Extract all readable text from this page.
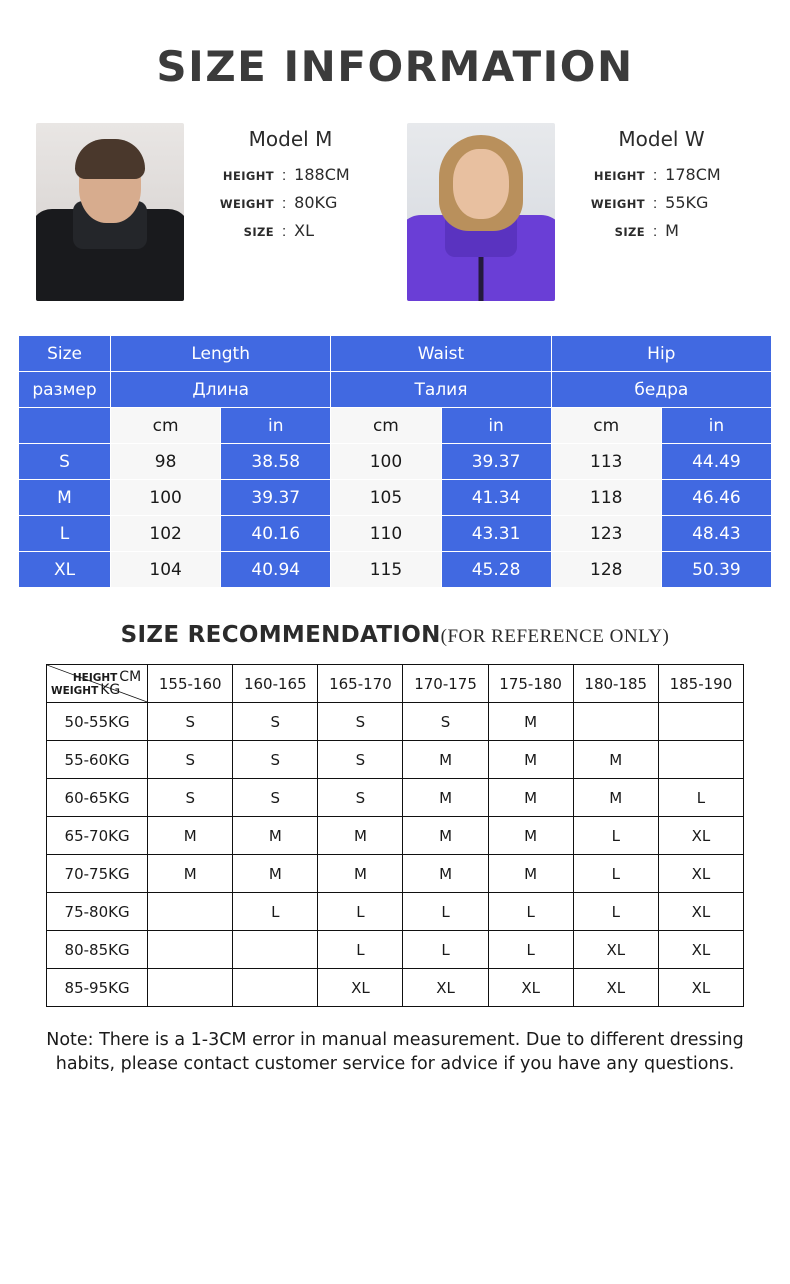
SIZE INFORMATION
Model M
HEIGHT : 188CM
WEIGHT : 80KG
SIZE : XL
Model W
HEIGHT : 178CM
WEIGHT : 55KG
SIZE : M
Size	Length		Waist		Hip	
размер	Длина		Талия		бедра	
	cm	in	cm	in	cm	in
S	98	38.58	100	39.37	113	44.49
M	100	39.37	105	41.34	118	46.46
L	102	40.16	110	43.31	123	48.43
XL	104	40.94	115	45.28	128	50.39
SIZE RECOMMENDATION(FOR REFERENCE ONLY)
HEIGHT CM
WEIGHT KG	155-160	160-165	165-170	170-175	175-180	180-185	185-190
50-55KG	S	S	S	S	M		
55-60KG	S	S	S	M	M	M	
60-65KG	S	S	S	M	M	M	L
65-70KG	M	M	M	M	M	L	XL
70-75KG	M	M	M	M	M	L	XL
75-80KG		L	L	L	L	L	XL
80-85KG			L	L	L	XL	XL
85-95KG			XL	XL	XL	XL	XL
Note: There is a 1-3CM error in manual measurement. Due to different dressing habits, please contact customer service for advice if you have any questions.
